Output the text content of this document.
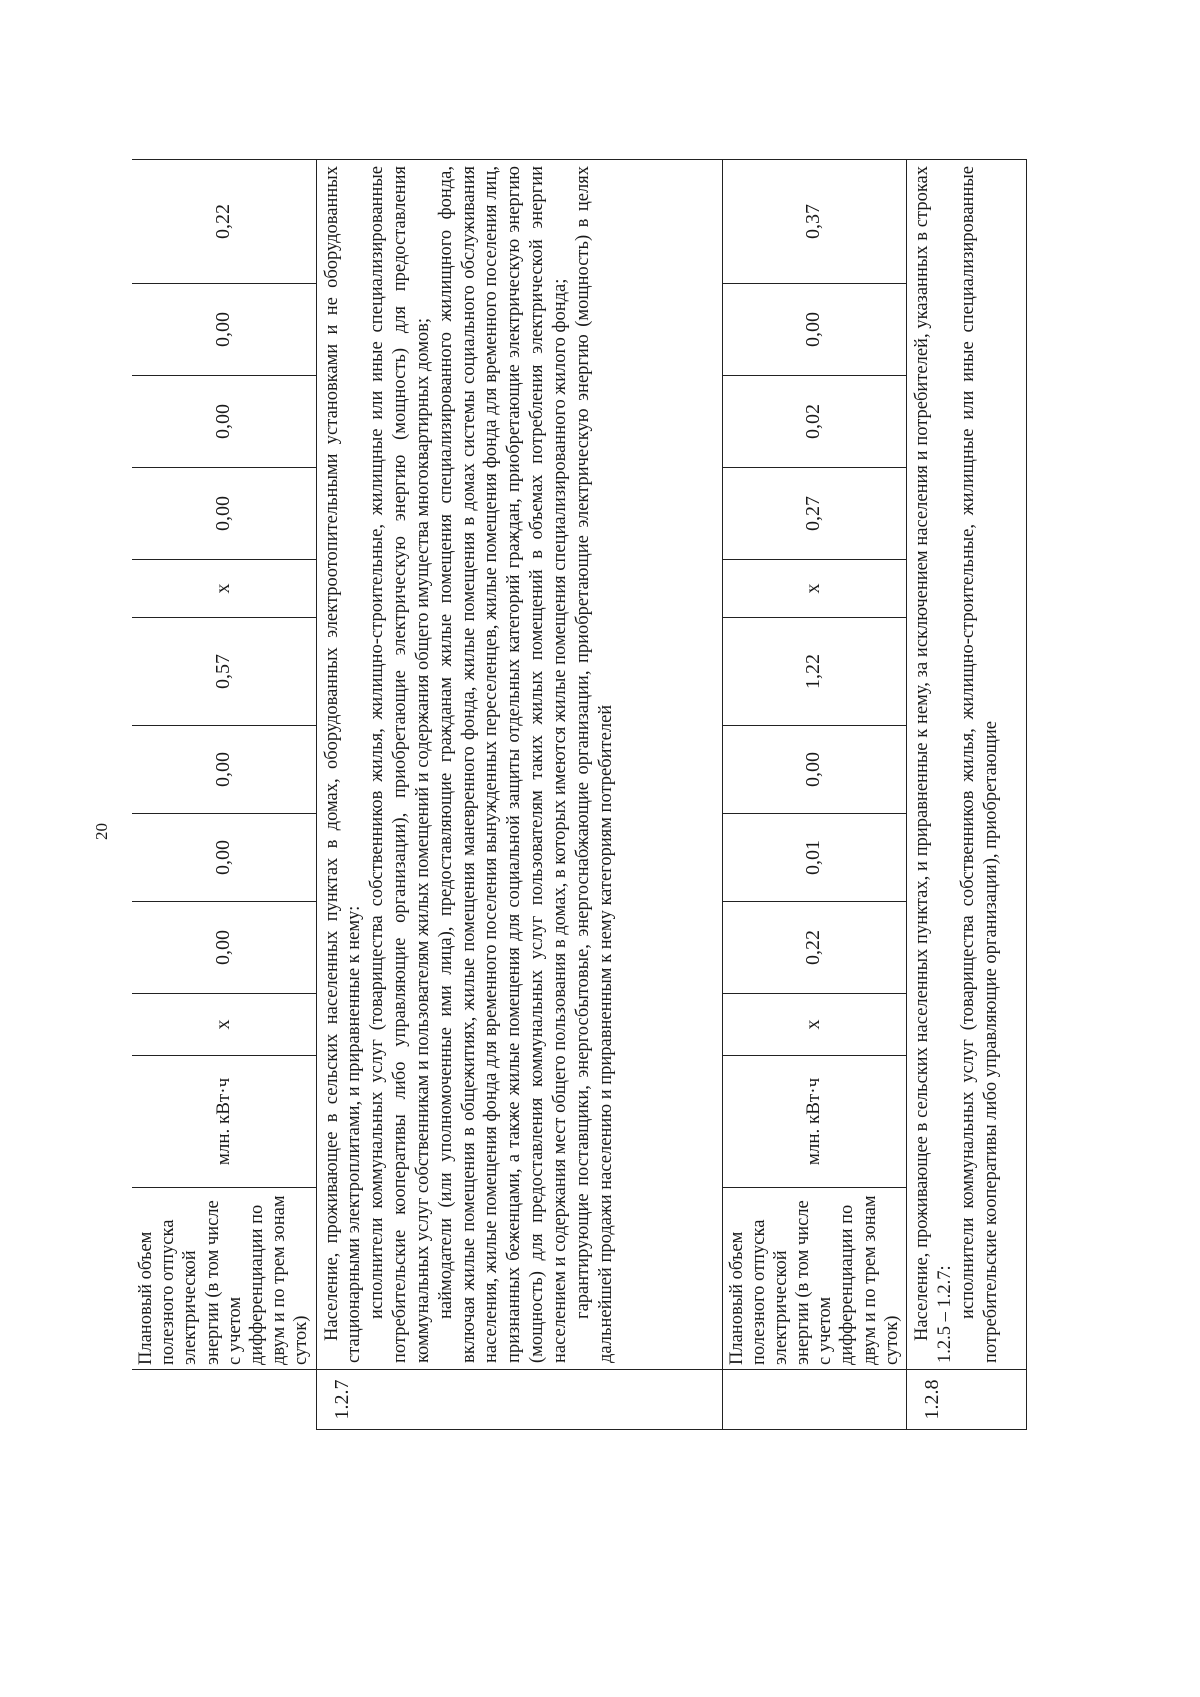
20
	Плановый объем полезного отпуска электрической энергии (в том числе с учетом дифференциации по двум и по трем зонам суток)	млн. кВт·ч	х	0,00	0,00	0,00	0,57	х	0,00	0,00	0,00	0,22
1.2.7	Население, проживающее в сельских населенных пунктах в домах, оборудованных электроотопительными установками и не оборудованных стационарными электроплитами, и приравненные к нему: исполнители коммунальных услуг (товарищества собственников жилья, жилищно-строительные, жилищные или иные специализированные потребительские кооперативы либо управляющие организации), приобретающие электрическую энергию (мощность) для предоставления коммунальных услуг собственникам и пользователям жилых помещений и содержания общего имущества многоквартирных домов; наймодатели (или уполномоченные ими лица), предоставляющие гражданам жилые помещения специализированного жилищного фонда, включая жилые помещения в общежитиях, жилые помещения маневренного фонда, жилые помещения в домах системы социального обслуживания населения, жилые помещения фонда для временного поселения вынужденных переселенцев, жилые помещения фонда для временного поселения лиц, признанных беженцами, а также жилые помещения для социальной защиты отдельных категорий граждан, приобретающие электрическую энергию (мощность) для предоставления коммунальных услуг пользователям таких жилых помещений в объемах потребления электрической энергии населением и содержания мест общего пользования в домах, в которых имеются жилые помещения специализированного жилого фонда; гарантирующие поставщики, энергосбытовые, энергоснабжающие организации, приобретающие электрическую энергию (мощность) в целях дальнейшей продажи населению и приравненным к нему категориям потребителей											

	Плановый объем полезного отпуска электрической энергии (в том числе с учетом дифференциации по двум и по трем зонам суток)	млн. кВт·ч	х	0,22	0,01	0,00	1,22	х	0,27	0,02	0,00	0,37
1.2.8	Население, проживающее в сельских населенных пунктах, и приравненные к нему, за исключением населения и потребителей, указанных в строках 1.2.5 – 1.2.7: исполнители коммунальных услуг (товарищества собственников жилья, жилищно-строительные, жилищные или иные специализированные потребительские кооперативы либо управляющие организации), приобретающие											
